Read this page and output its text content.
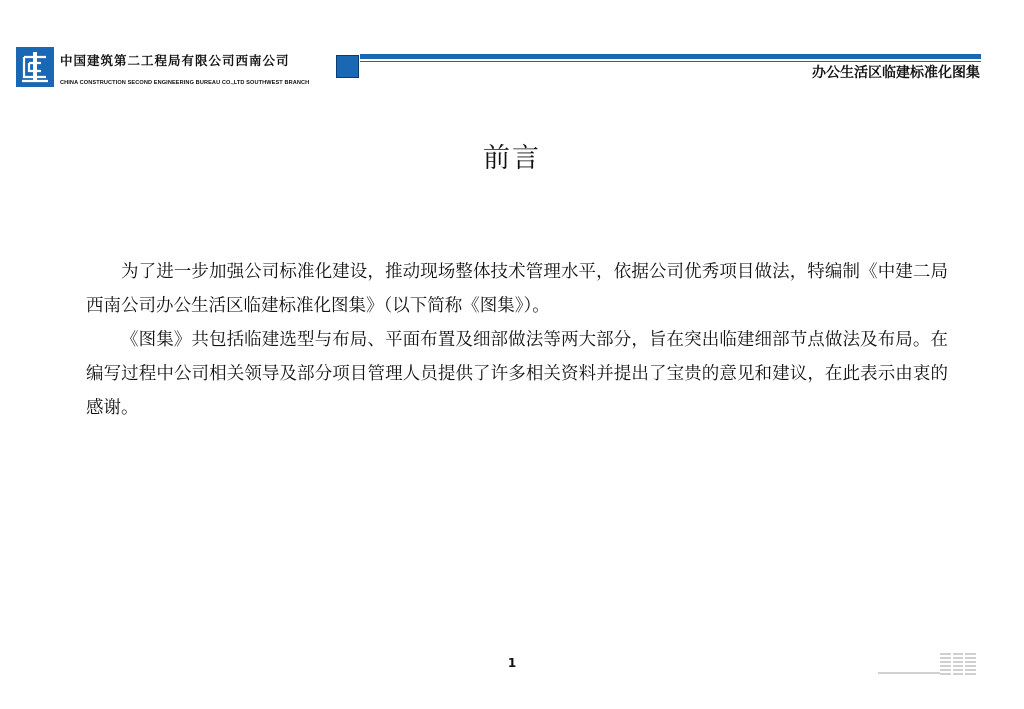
中国建筑第二工程局有限公司西南公司
CHINA CONSTRUCTION SECOND ENGINEERING BUREAU CO.,LTD SOUTHWEST BRANCH
办公生活区临建标准化图集
前言

为了进一步加强公司标准化建设，推动现场整体技术管理水平，依据公司优秀项目做法，特编制《中建二局西南公司办公生活区临建标准化图集》（以下简称《图集》）。

《图集》共包括临建选型与布局、平面布置及细部做法等两大部分，旨在突出临建细部节点做法及布局。在编写过程中公司相关领导及部分项目管理人员提供了许多相关资料并提出了宝贵的意见和建议，在此表示由衷的感谢。

1
